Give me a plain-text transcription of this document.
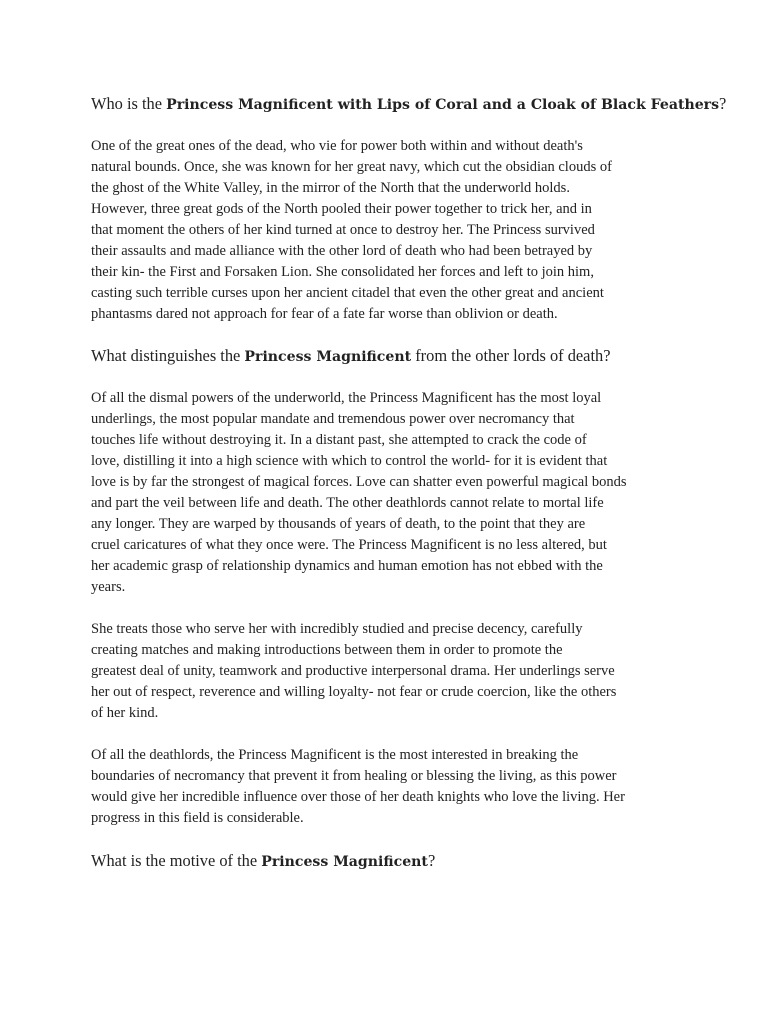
Who is the Princess Magnificent with Lips of Coral and a Cloak of Black Feathers?
One of the great ones of the dead, who vie for power both within and without death's
natural bounds. Once, she was known for her great navy, which cut the obsidian clouds of
the ghost of the White Valley, in the mirror of the North that the underworld holds.
However, three great gods of the North pooled their power together to trick her, and in
that moment the others of her kind turned at once to destroy her. The Princess survived
their assaults and made alliance with the other lord of death who had been betrayed by
their kin- the First and Forsaken Lion. She consolidated her forces and left to join him,
casting such terrible curses upon her ancient citadel that even the other great and ancient
phantasms dared not approach for fear of a fate far worse than oblivion or death.
What distinguishes the Princess Magnificent from the other lords of death?
Of all the dismal powers of the underworld, the Princess Magnificent has the most loyal
underlings, the most popular mandate and tremendous power over necromancy that
touches life without destroying it. In a distant past, she attempted to crack the code of
love, distilling it into a high science with which to control the world- for it is evident that
love is by far the strongest of magical forces. Love can shatter even powerful magical bonds
and part the veil between life and death. The other deathlords cannot relate to mortal life
any longer. They are warped by thousands of years of death, to the point that they are
cruel caricatures of what they once were. The Princess Magnificent is no less altered, but
her academic grasp of relationship dynamics and human emotion has not ebbed with the
years.
She treats those who serve her with incredibly studied and precise decency, carefully
creating matches and making introductions between them in order to promote the
greatest deal of unity, teamwork and productive interpersonal drama. Her underlings serve
her out of respect, reverence and willing loyalty- not fear or crude coercion, like the others
of her kind.
Of all the deathlords, the Princess Magnificent is the most interested in breaking the
boundaries of necromancy that prevent it from healing or blessing the living, as this power
would give her incredible influence over those of her death knights who love the living. Her
progress in this field is considerable.
What is the motive of the Princess Magnificent?
